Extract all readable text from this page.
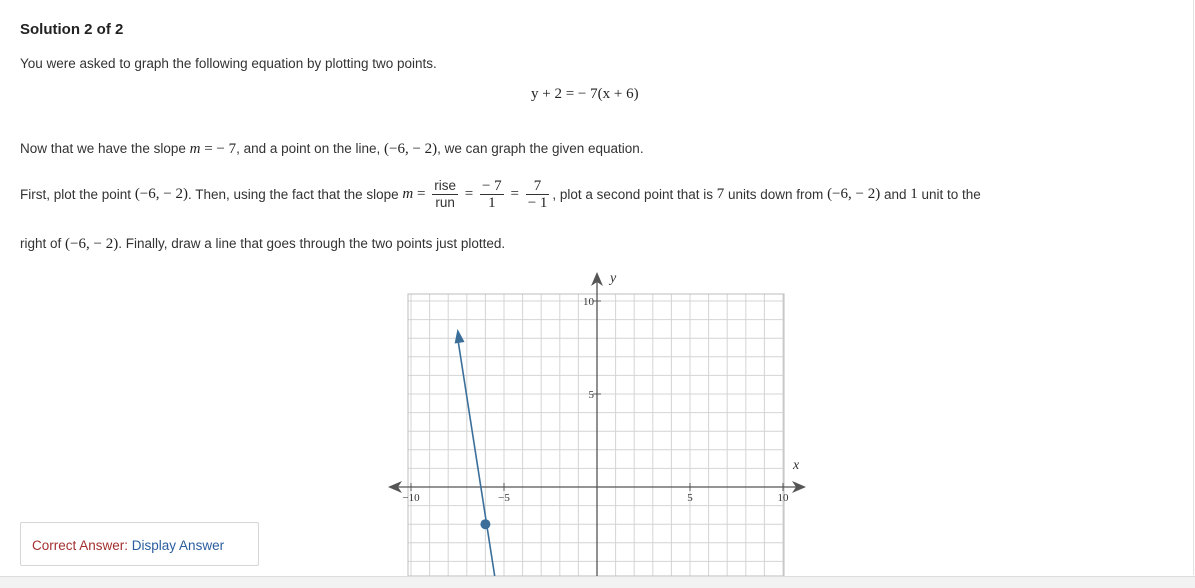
Solution 2 of 2
You were asked to graph the following equation by plotting two points.
y + 2 = − 7(x + 6)
Now that we have the slope m = − 7, and a point on the line, (−6, − 2), we can graph the given equation.
First, plot the point (−6, − 2). Then, using the fact that the slope $m = \frac{\text{rise}}{\text{run}} = \frac{- 7}{1} = \frac{7}{- 1}$ , plot a second point that is 7 units down from (−6, − 2) and 1 unit to the
right of (−6, − 2). Finally, draw a line that goes through the two points just plotted.
x
y
−10	−5	5	10
10
5
Correct Answer: Display Answer
